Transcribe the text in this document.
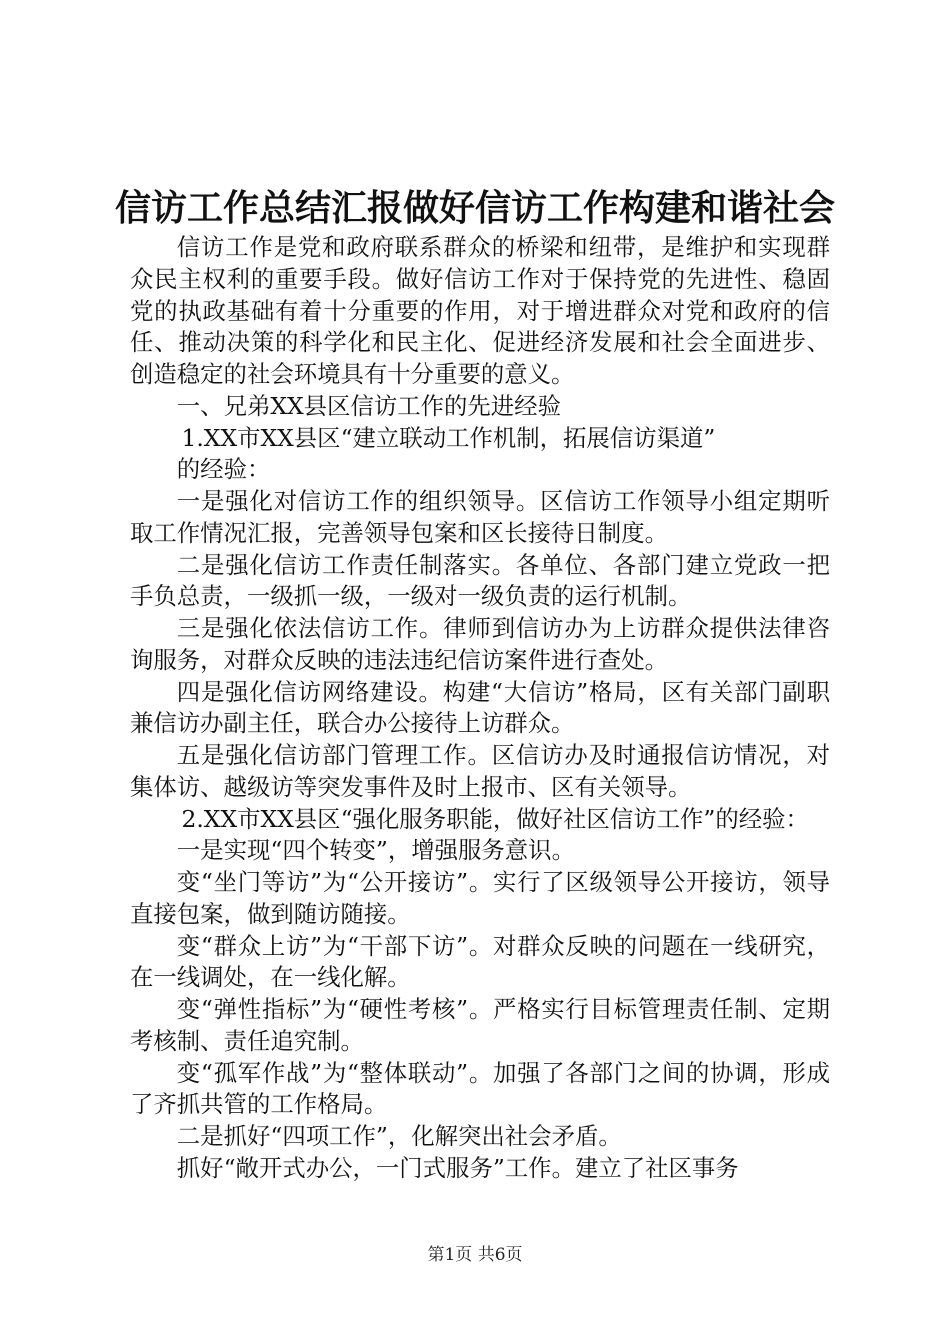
信访工作总结汇报做好信访工作构建和谐社会

信访工作是党和政府联系群众的桥梁和纽带，是维护和实现群众民主权利的重要手段。做好信访工作对于保持党的先进性、稳固党的执政基础有着十分重要的作用，对于增进群众对党和政府的信任、推动决策的科学化和民主化、促进经济发展和社会全面进步、创造稳定的社会环境具有十分重要的意义。

一、兄弟XX县区信访工作的先进经验

1.XX市XX县区“建立联动工作机制，拓展信访渠道”

的经验：

一是强化对信访工作的组织领导。区信访工作领导小组定期听取工作情况汇报，完善领导包案和区长接待日制度。

二是强化信访工作责任制落实。各单位、各部门建立党政一把手负总责，一级抓一级，一级对一级负责的运行机制。

三是强化依法信访工作。律师到信访办为上访群众提供法律咨询服务，对群众反映的违法违纪信访案件进行查处。

四是强化信访网络建设。构建“大信访”格局，区有关部门副职兼信访办副主任，联合办公接待上访群众。

五是强化信访部门管理工作。区信访办及时通报信访情况，对集体访、越级访等突发事件及时上报市、区有关领导。

2.XX市XX县区“强化服务职能，做好社区信访工作”的经验：

一是实现“四个转变”，增强服务意识。

变“坐门等访”为“公开接访”。实行了区级领导公开接访，领导直接包案，做到随访随接。

变“群众上访”为“干部下访”。对群众反映的问题在一线研究，在一线调处，在一线化解。

变“弹性指标”为“硬性考核”。严格实行目标管理责任制、定期考核制、责任追究制。

变“孤军作战”为“整体联动”。加强了各部门之间的协调，形成了齐抓共管的工作格局。

二是抓好“四项工作”，化解突出社会矛盾。

抓好“敞开式办公，一门式服务”工作。建立了社区事务

第1页 共6页
